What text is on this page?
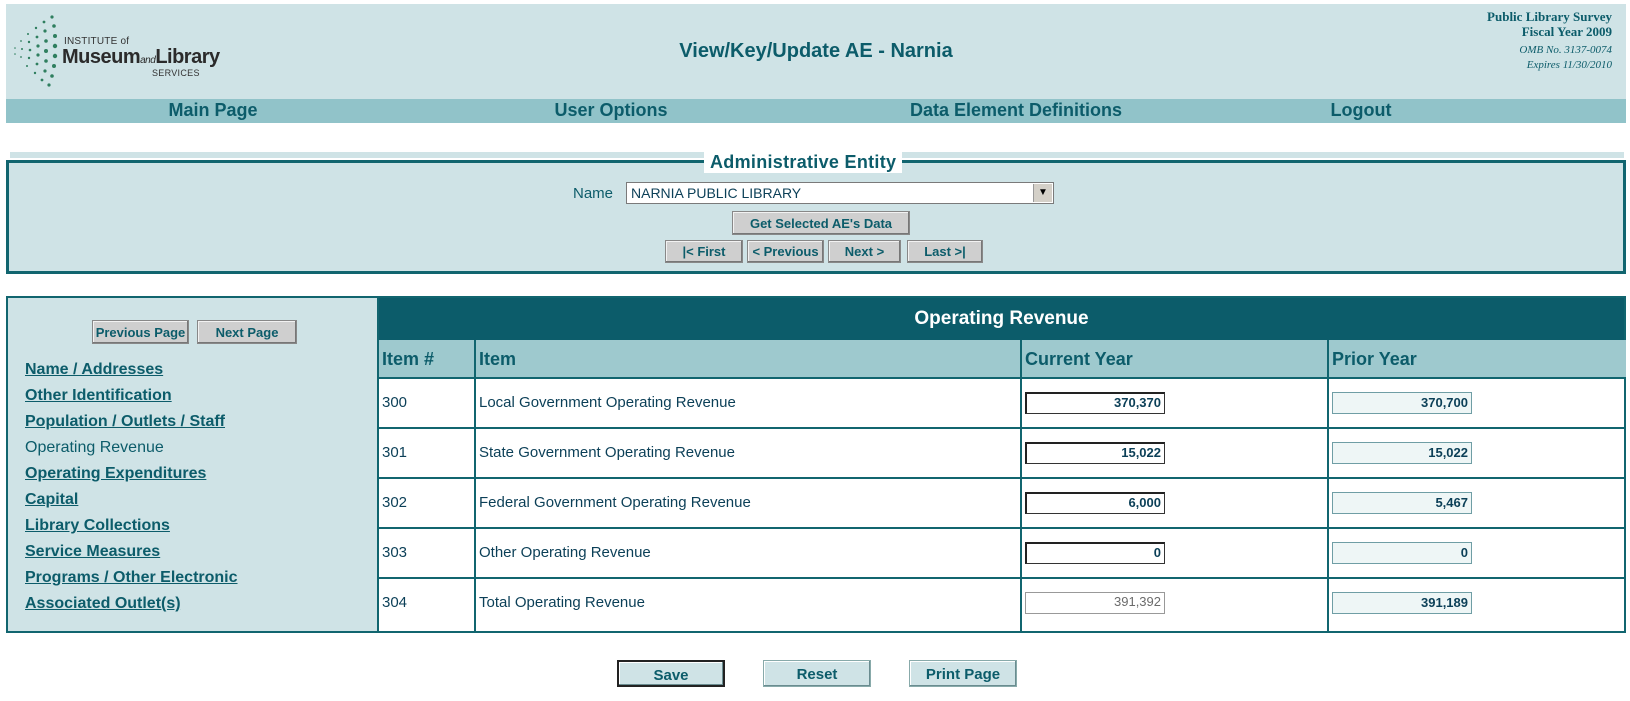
INSTITUTE of
MuseumandLibrary
SERVICES
View/Key/Update AE - Narnia
Public Library Survey
Fiscal Year 2009
OMB No. 3137-0074
Expires 11/30/2010
Main Page	User Options	Data Element Definitions	Logout
Administrative Entity
Name NARNIA PUBLIC LIBRARY	▼
Get Selected AE's Data
|< First	< Previous	Next >	Last >|
Previous Page	Next Page
Name / Addresses
Other Identification
Population / Outlets / Staff
Operating Revenue
Operating Expenditures
Capital
Library Collections
Service Measures
Programs / Other Electronic
Associated Outlet(s)
Operating Revenue
Item #	Item	Current Year	Prior Year
300	Local Government Operating Revenue	370,370	370,700
301	State Government Operating Revenue	15,022	15,022
302	Federal Government Operating Revenue	6,000	5,467
303	Other Operating Revenue	0	0
304	Total Operating Revenue	391,392	391,189
Save	Reset	Print Page
